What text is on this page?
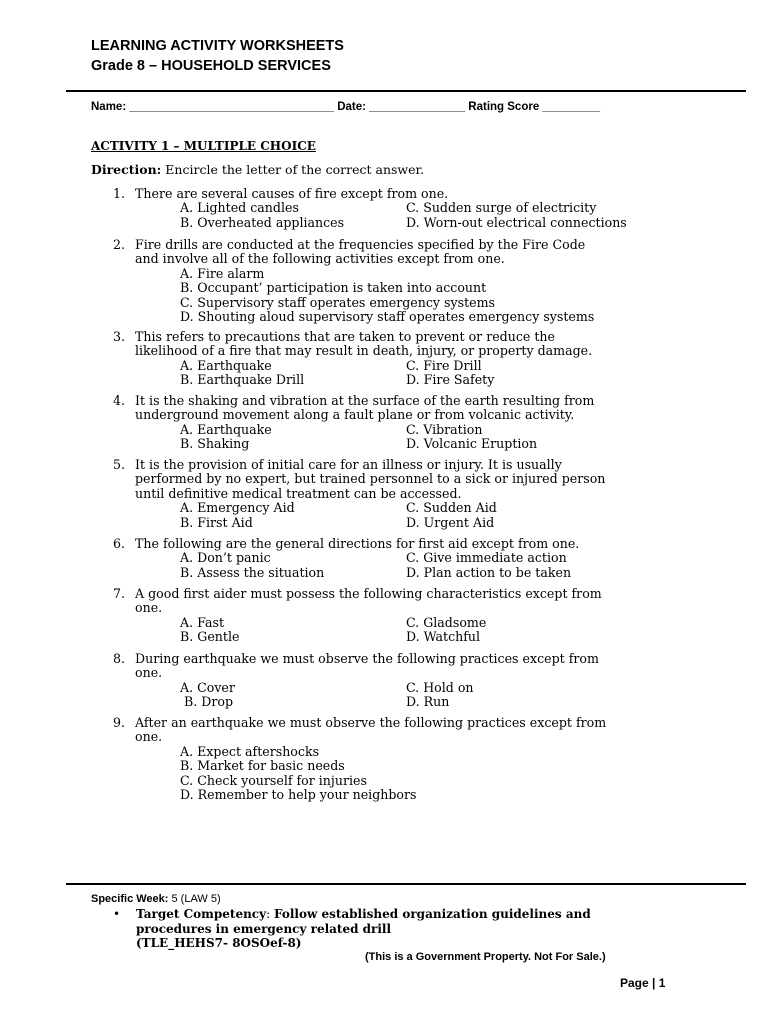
LEARNING ACTIVITY WORKSHEETS
Grade 8 – HOUSEHOLD SERVICES
Name: ________________________________ Date: _______________ Rating Score _________
ACTIVITY 1 – MULTIPLE CHOICE
Direction: Encircle the letter of the correct answer.
1. There are several causes of fire except from one.
A. Lighted candles	C. Sudden surge of electricity
B. Overheated appliances	D. Worn-out electrical connections
2. Fire drills are conducted at the frequencies specified by the Fire Code
and involve all of the following activities except from one.
A. Fire alarm
B. Occupant’ participation is taken into account
C. Supervisory staff operates emergency systems
D. Shouting aloud supervisory staff operates emergency systems
3. This refers to precautions that are taken to prevent or reduce the
likelihood of a fire that may result in death, injury, or property damage.
A. Earthquake	C. Fire Drill
B. Earthquake Drill	D. Fire Safety
4. It is the shaking and vibration at the surface of the earth resulting from
underground movement along a fault plane or from volcanic activity.
A. Earthquake	C. Vibration
B. Shaking	D. Volcanic Eruption
5. It is the provision of initial care for an illness or injury. It is usually
performed by no expert, but trained personnel to a sick or injured person
until definitive medical treatment can be accessed.
A. Emergency Aid	C. Sudden Aid
B. First Aid	D. Urgent Aid
6. The following are the general directions for first aid except from one.
A. Don’t panic	C. Give immediate action
B. Assess the situation	D. Plan action to be taken
7. A good first aider must possess the following characteristics except from
one.
A. Fast	C. Gladsome
B. Gentle	D. Watchful
8. During earthquake we must observe the following practices except from
one.
A. Cover	C. Hold on
B. Drop	D. Run
9. After an earthquake we must observe the following practices except from
one.
A. Expect aftershocks
B. Market for basic needs
C. Check yourself for injuries
D. Remember to help your neighbors
Specific Week: 5 (LAW 5)
• Target Competency: Follow established organization guidelines and
procedures in emergency related drill
(TLE_HEHS7- 8OSOef-8)
(This is a Government Property. Not For Sale.)
Page | 1
